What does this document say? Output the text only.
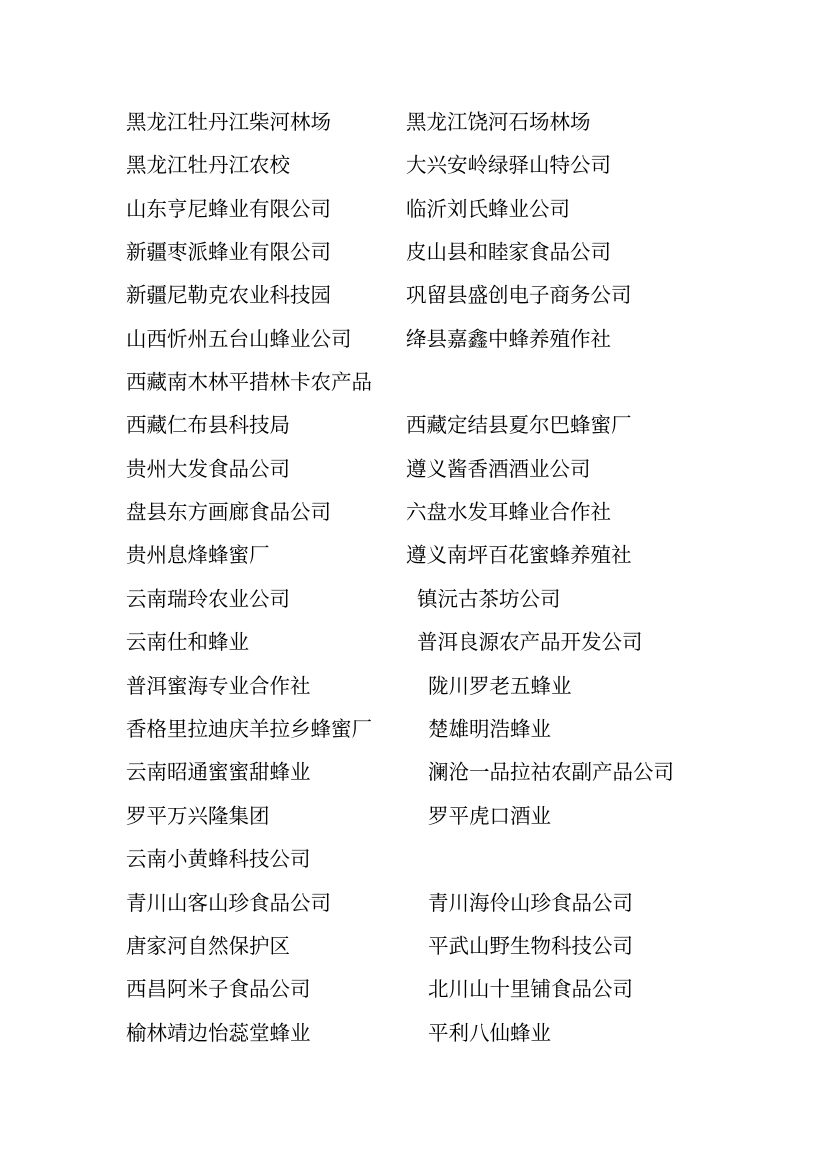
黑龙江牡丹江柴河林场	黑龙江饶河石场林场
黑龙江牡丹江农校	大兴安岭绿驿山特公司
山东亨尼蜂业有限公司	临沂刘氏蜂业公司
新疆枣派蜂业有限公司	皮山县和睦家食品公司
新疆尼勒克农业科技园	巩留县盛创电子商务公司
山西忻州五台山蜂业公司	绛县嘉鑫中蜂养殖作社
西藏南木林平措林卡农产品
西藏仁布县科技局	西藏定结县夏尔巴蜂蜜厂
贵州大发食品公司	遵义酱香酒酒业公司
盘县东方画廊食品公司	六盘水发耳蜂业合作社
贵州息烽蜂蜜厂	遵义南坪百花蜜蜂养殖社
云南瑞玲农业公司	镇沅古茶坊公司
云南仕和蜂业	普洱良源农产品开发公司
普洱蜜海专业合作社	陇川罗老五蜂业
香格里拉迪庆羊拉乡蜂蜜厂	楚雄明浩蜂业
云南昭通蜜蜜甜蜂业	澜沧一品拉祜农副产品公司
罗平万兴隆集团	罗平虎口酒业
云南小黄蜂科技公司
青川山客山珍食品公司	青川海伶山珍食品公司
唐家河自然保护区	平武山野生物科技公司
西昌阿米子食品公司	北川山十里铺食品公司
榆林靖边怡蕊堂蜂业	平利八仙蜂业
